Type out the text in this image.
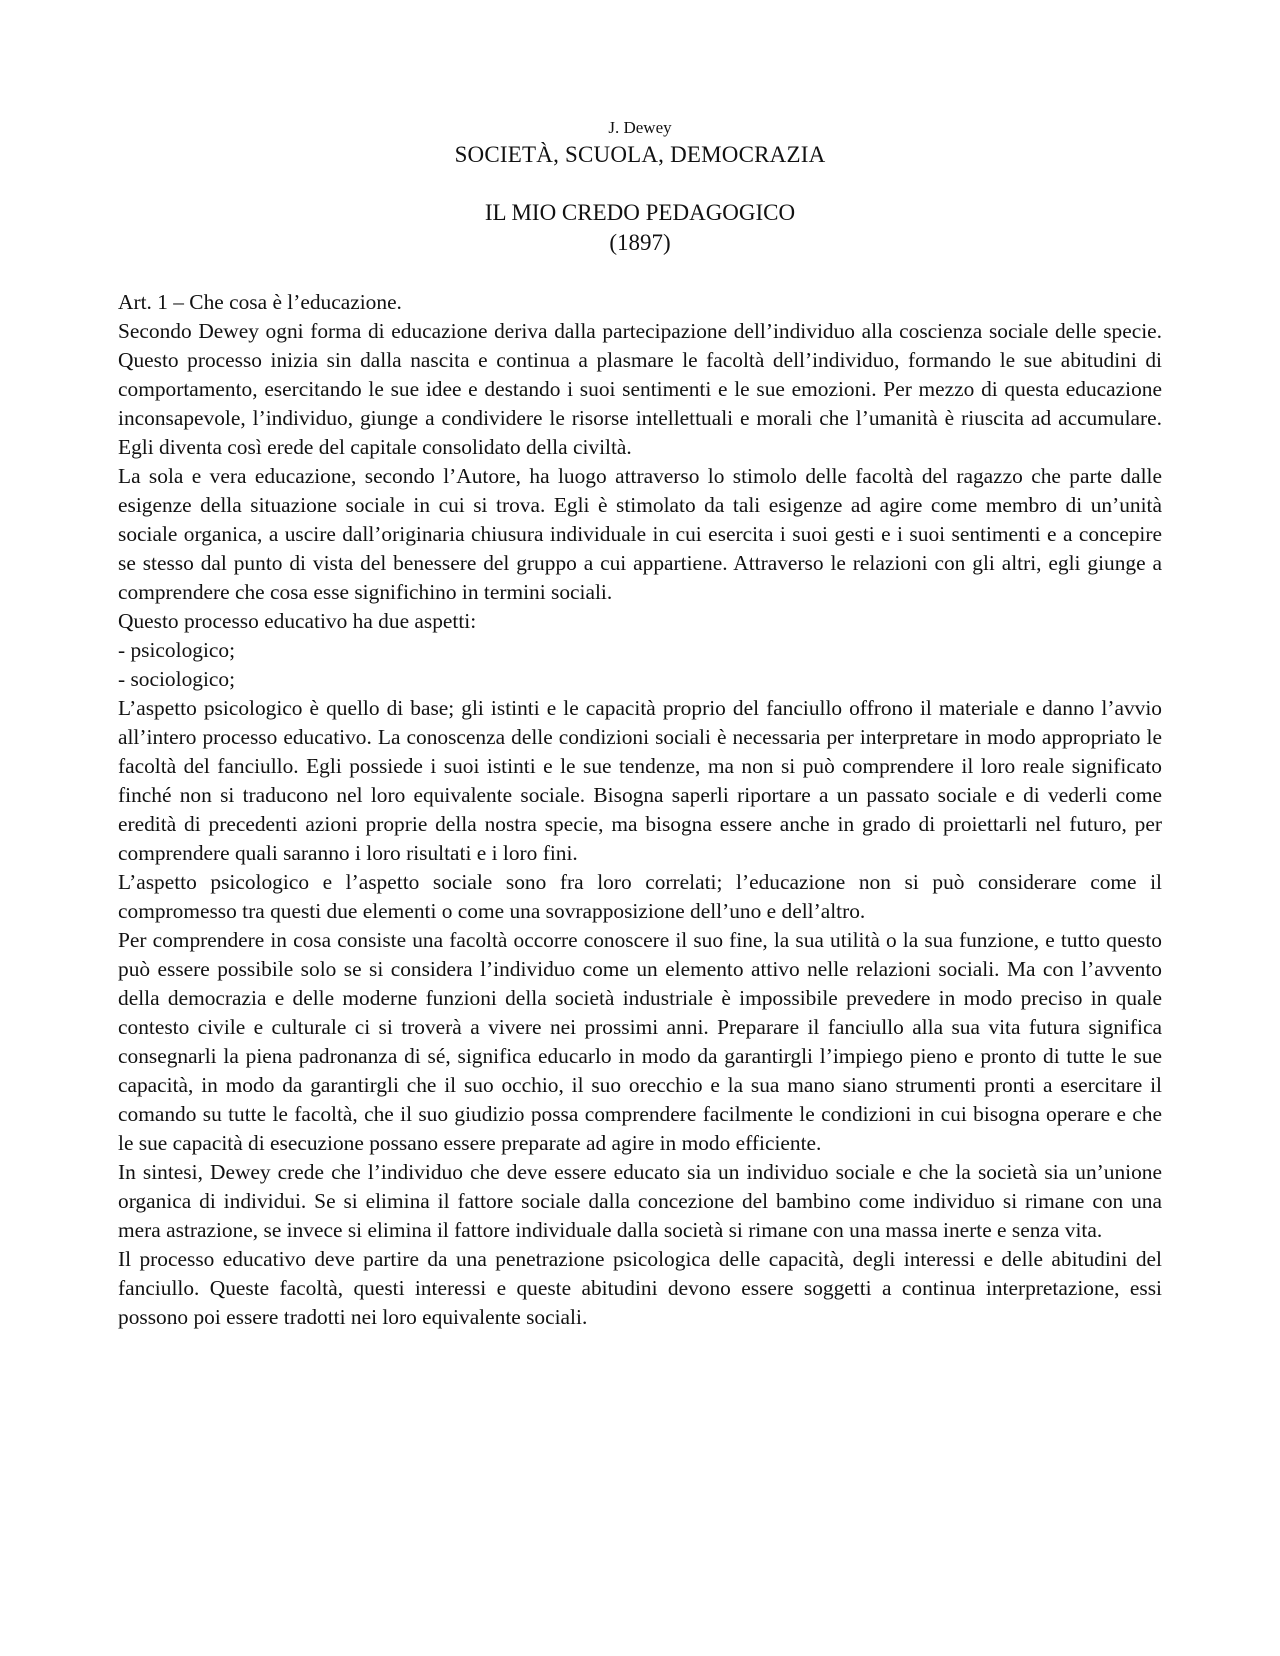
J. Dewey

SOCIETÀ, SCUOLA, DEMOCRAZIA

IL MIO CREDO PEDAGOGICO

(1897)

Art. 1 – Che cosa è l’educazione.

Secondo Dewey ogni forma di educazione deriva dalla partecipazione dell’individuo alla coscienza sociale delle specie. Questo processo inizia sin dalla nascita e continua a plasmare le facoltà dell’individuo, formando le sue abitudini di comportamento, esercitando le sue idee e destando i suoi sentimenti e le sue emozioni. Per mezzo di questa educazione inconsapevole, l’individuo, giunge a condividere le risorse intellettuali e morali che l’umanità è riuscita ad accumulare. Egli diventa così erede del capitale consolidato della civiltà.

La sola e vera educazione, secondo l’Autore, ha luogo attraverso lo stimolo delle facoltà del ragazzo che parte dalle esigenze della situazione sociale in cui si trova. Egli è stimolato da tali esigenze ad agire come membro di un’unità sociale organica, a uscire dall’originaria chiusura individuale in cui esercita i suoi gesti e i suoi sentimenti e a concepire se stesso dal punto di vista del benessere del gruppo a cui appartiene. Attraverso le relazioni con gli altri, egli giunge a comprendere che cosa esse significhino in termini sociali.

Questo processo educativo ha due aspetti:

- psicologico;

- sociologico;

L’aspetto psicologico è quello di base; gli istinti e le capacità proprio del fanciullo offrono il materiale e danno l’avvio all’intero processo educativo. La conoscenza delle condizioni sociali è necessaria per interpretare in modo appropriato le facoltà del fanciullo. Egli possiede i suoi istinti e le sue tendenze, ma non si può comprendere il loro reale significato finché non si traducono nel loro equivalente sociale. Bisogna saperli riportare a un passato sociale e di vederli come eredità di precedenti azioni proprie della nostra specie, ma bisogna essere anche in grado di proiettarli nel futuro, per comprendere quali saranno i loro risultati e i loro fini.

L’aspetto psicologico e l’aspetto sociale sono fra loro correlati; l’educazione non si può considerare come il compromesso tra questi due elementi o come una sovrapposizione dell’uno e dell’altro.

Per comprendere in cosa consiste una facoltà occorre conoscere il suo fine, la sua utilità o la sua funzione, e tutto questo può essere possibile solo se si considera l’individuo come un elemento attivo nelle relazioni sociali. Ma con l’avvento della democrazia e delle moderne funzioni della società industriale è impossibile prevedere in modo preciso in quale contesto civile e culturale ci si troverà a vivere nei prossimi anni. Preparare il fanciullo alla sua vita futura significa consegnarli la piena padronanza di sé, significa educarlo in modo da garantirgli l’impiego pieno e pronto di tutte le sue capacità, in modo da garantirgli che il suo occhio, il suo orecchio e la sua mano siano strumenti pronti a esercitare il comando su tutte le facoltà, che il suo giudizio possa comprendere facilmente le condizioni in cui bisogna operare e che le sue capacità di esecuzione possano essere preparate ad agire in modo efficiente.

In sintesi, Dewey crede che l’individuo che deve essere educato sia un individuo sociale e che la società sia un’unione organica di individui. Se si elimina il fattore sociale dalla concezione del bambino come individuo si rimane con una mera astrazione, se invece si elimina il fattore individuale dalla società si rimane con una massa inerte e senza vita.

Il processo educativo deve partire da una penetrazione psicologica delle capacità, degli interessi e delle abitudini del fanciullo. Queste facoltà, questi interessi e queste abitudini devono essere soggetti a continua interpretazione, essi possono poi essere tradotti nei loro equivalente sociali.
